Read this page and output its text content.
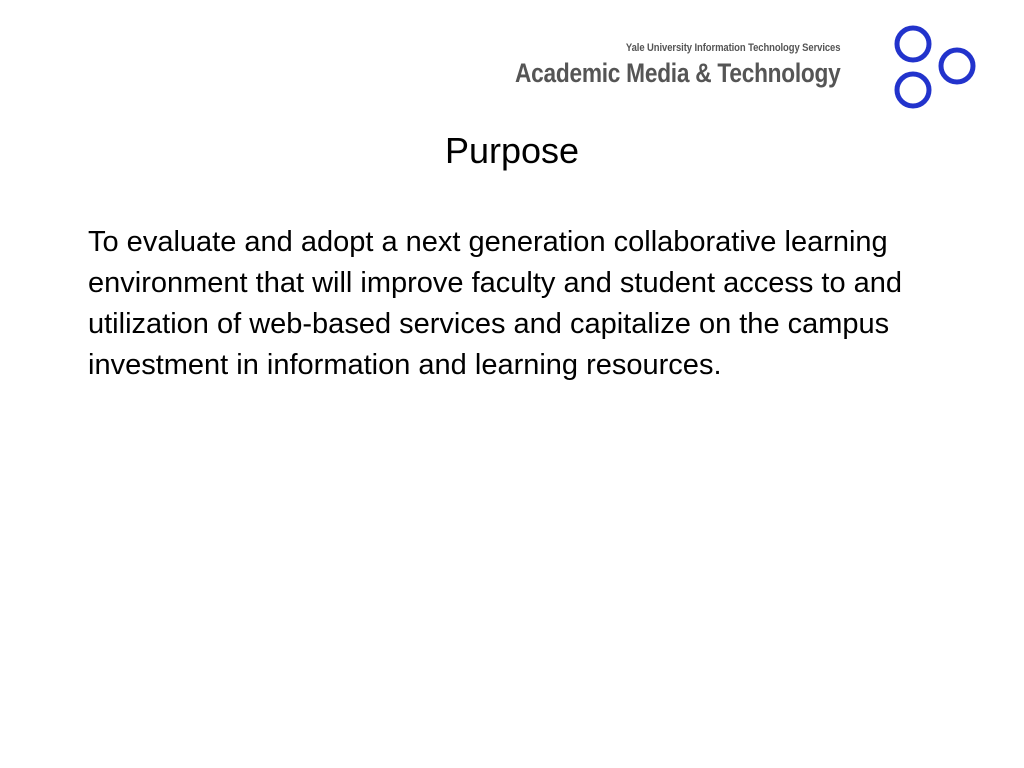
Yale University Information Technology Services
Academic Media & Technology
Purpose

To evaluate and adopt a next generation collaborative learning environment that will improve faculty and student access to and utilization of web-based services and capitalize on the campus investment in information and learning resources.
